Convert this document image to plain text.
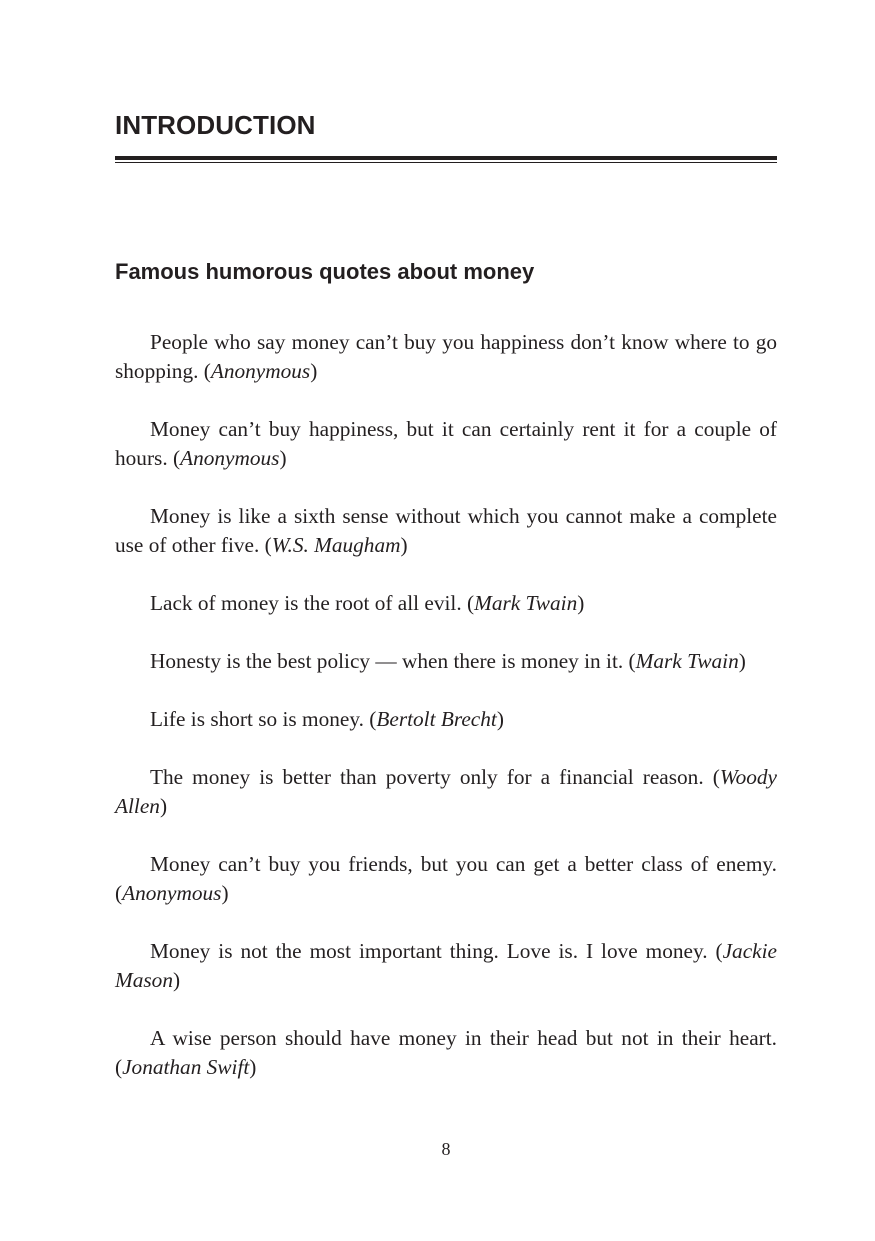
INTRODUCTION
Famous humorous quotes about money

People who say money can’t buy you happiness don’t know where to go shopping. (Anonymous)

Money can’t buy happiness, but it can certainly rent it for a couple of hours. (Anonymous)

Money is like a sixth sense without which you cannot make a complete use of other five. (W.S. Maugham)

Lack of money is the root of all evil. (Mark Twain)

Honesty is the best policy — when there is money in it. (Mark Twain)

Life is short so is money. (Bertolt Brecht)

The money is better than poverty only for a financial reason. (Woody Allen)

Money can’t buy you friends, but you can get a better class of enemy. (Anonymous)

Money is not the most important thing. Love is. I love money. (Jackie Mason)

A wise person should have money in their head but not in their heart. (Jonathan Swift)

8
